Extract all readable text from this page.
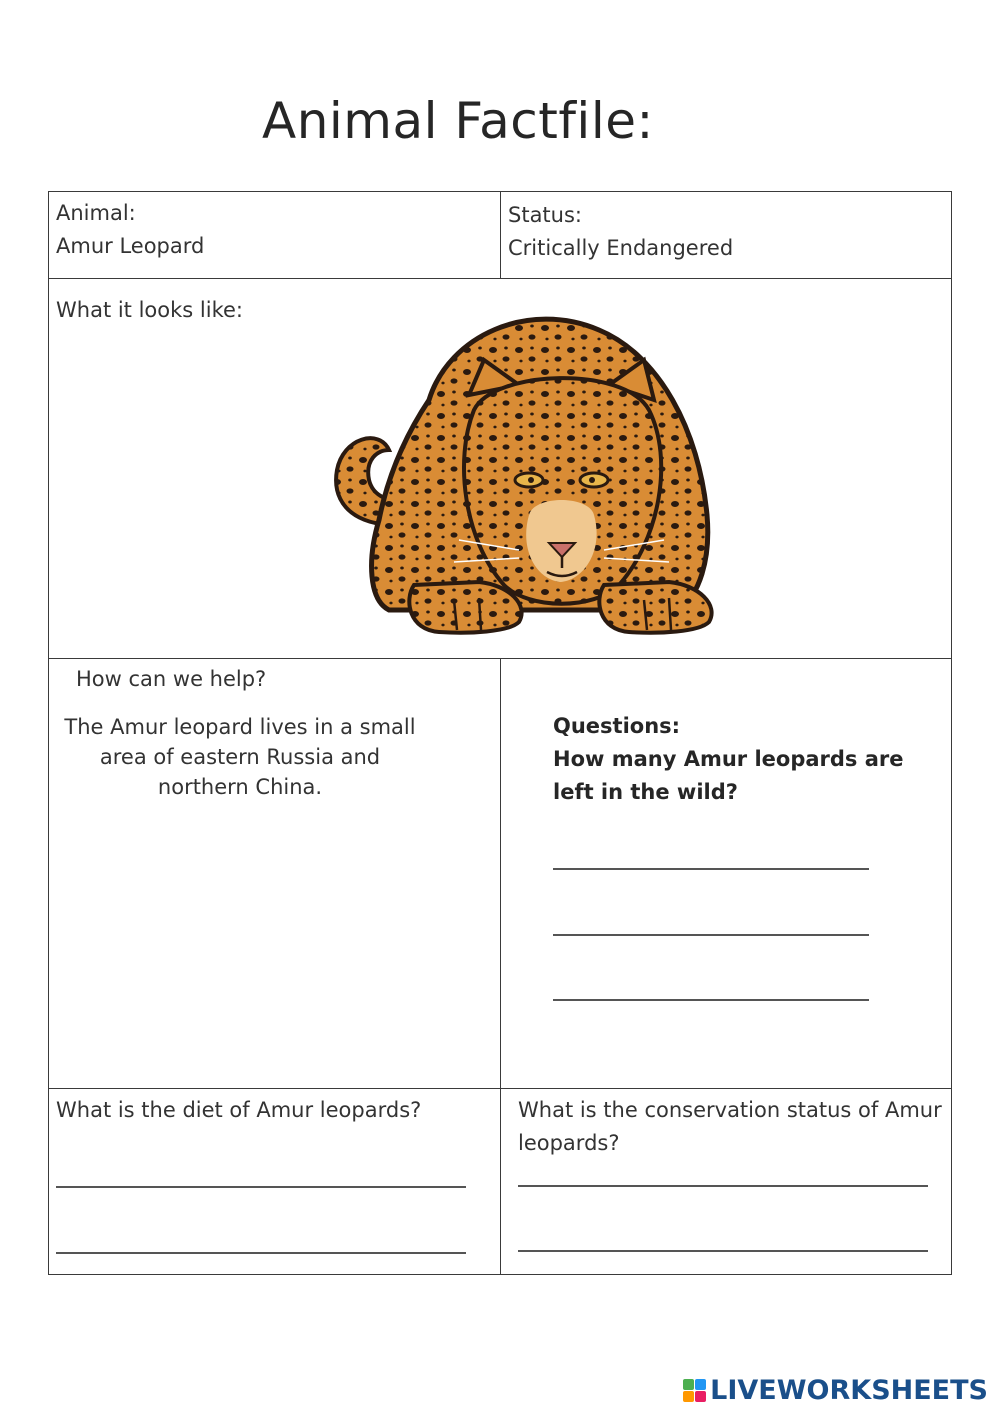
Animal Factfile:
Animal:
Amur Leopard
Status:
Critically Endangered
What it looks like:
How can we help?
The Amur leopard lives in a small
area of eastern Russia and
northern China.
Questions:
How many Amur leopards are
left in the wild?
What is the diet of Amur leopards?	What is the conservation status of Amur
leopards?
LIVEWORKSHEETS
